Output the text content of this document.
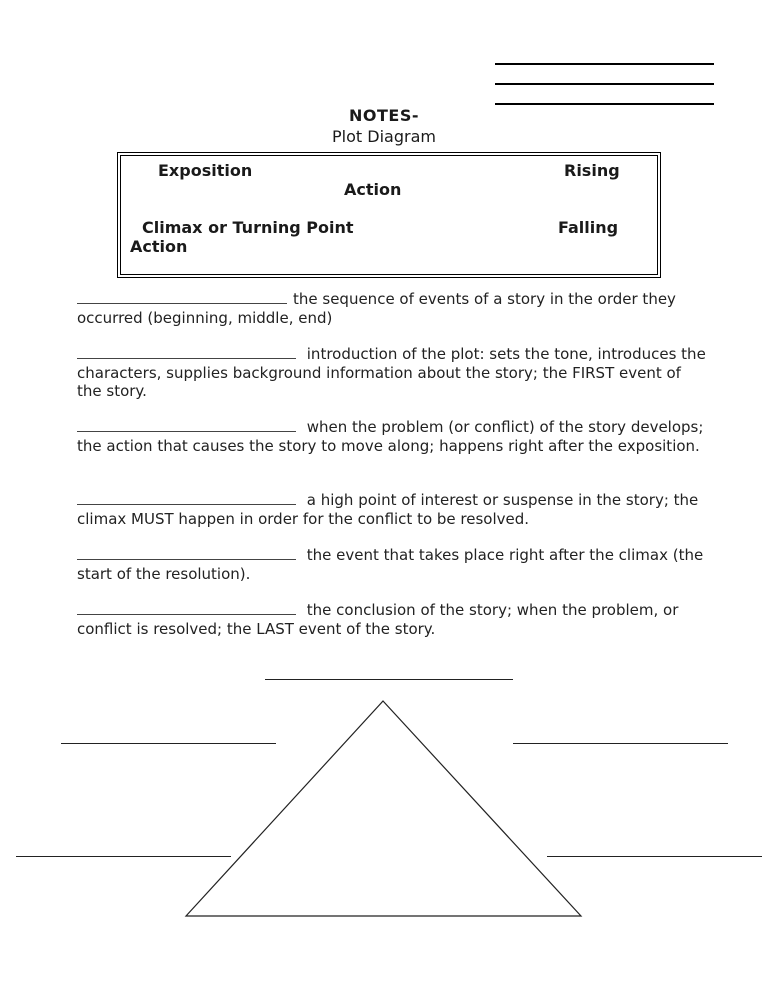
NOTES-
Plot Diagram
Exposition	Rising
Action
Climax or Turning Point	Falling
Action
the sequence of events of a story in the order they occurred (beginning, middle, end)
introduction of the plot: sets the tone, introduces the characters, supplies background information about the story; the FIRST event of the story.
when the problem (or conflict) of the story develops; the action that causes the story to move along; happens right after the exposition.
a high point of interest or suspense in the story; the climax MUST happen in order for the conflict to be resolved.
the event that takes place right after the climax (the start of the resolution).
the conclusion of the story; when the problem, or conflict is resolved; the LAST event of the story.
